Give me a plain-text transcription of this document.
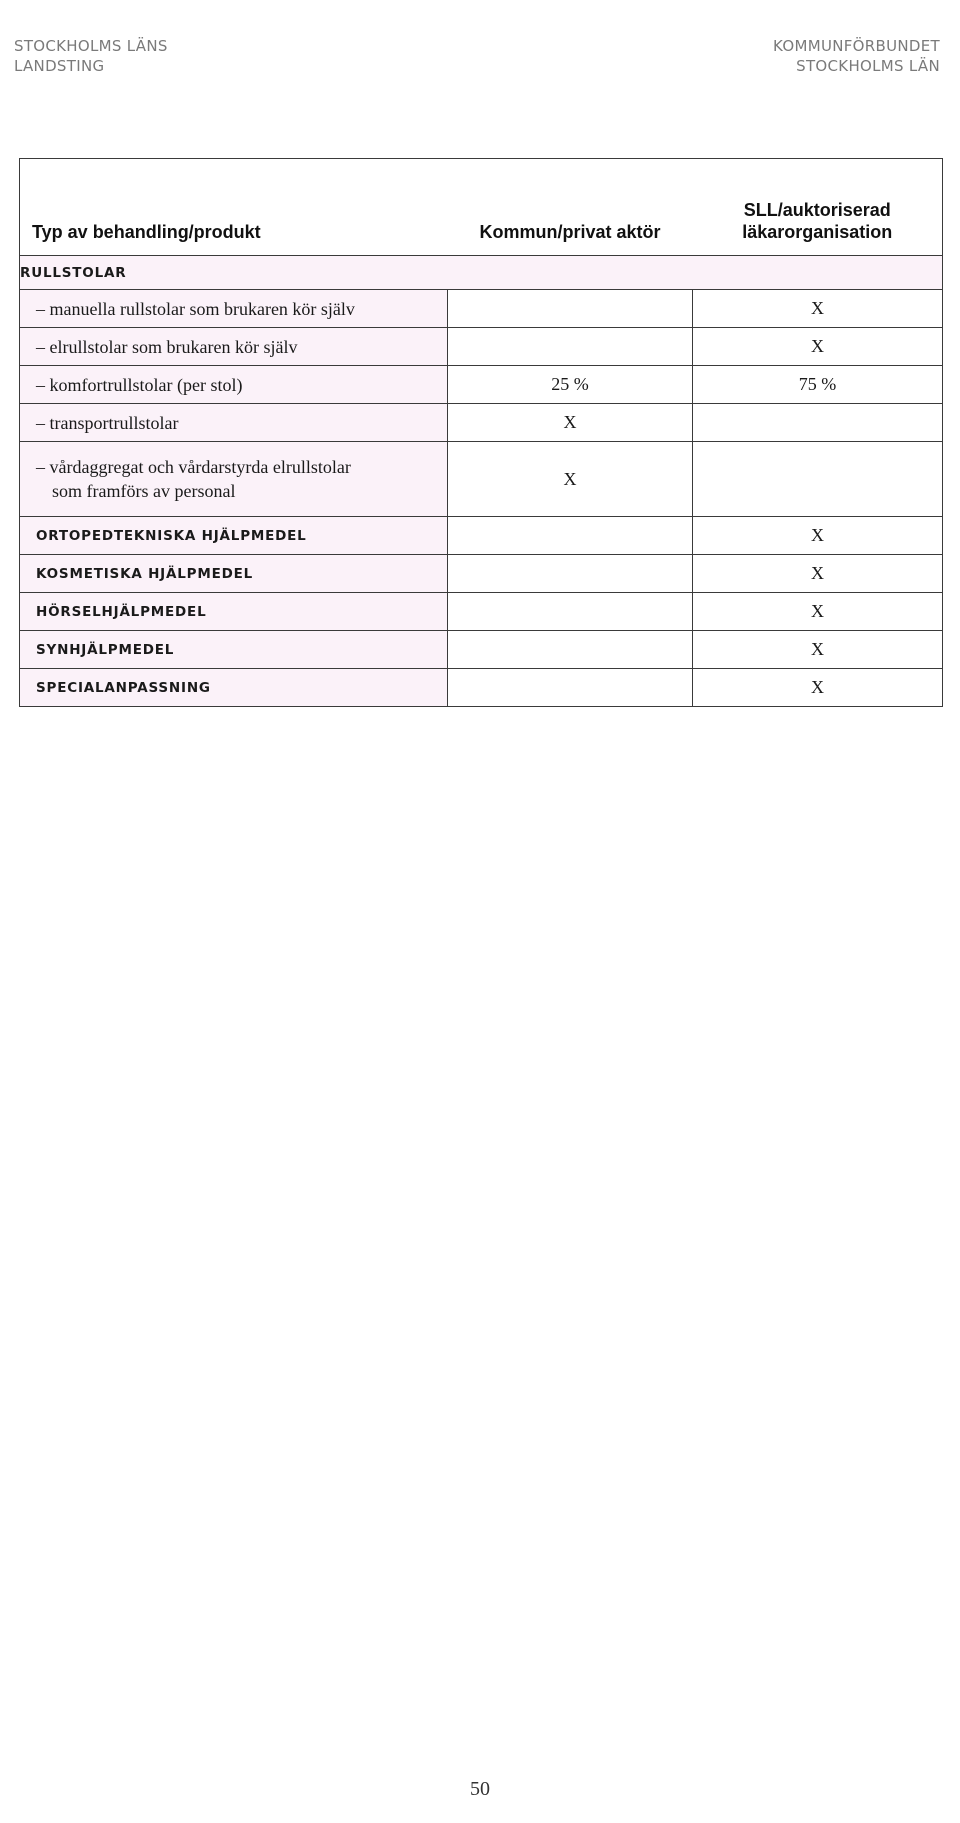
STOCKHOLMS LÄNS
LANDSTING
KOMMUNFÖRBUNDET
STOCKHOLMS LÄN
Typ av behandling/produkt	Kommun/privat aktör	SLL/auktoriserad
läkarorganisation
RULLSTOLAR		
– manuella rullstolar som brukaren kör själv		X
– elrullstolar som brukaren kör själv		X
– komfortrullstolar (per stol)	25 %	75 %
– transportrullstolar	X	
– vårdaggregat och vårdarstyrda elrullstolar
som framförs av personal	X	
ORTOPEDTEKNISKA HJÄLPMEDEL		X
KOSMETISKA HJÄLPMEDEL		X
HÖRSELHJÄLPMEDEL		X
SYNHJÄLPMEDEL		X
SPECIALANPASSNING		X
50
